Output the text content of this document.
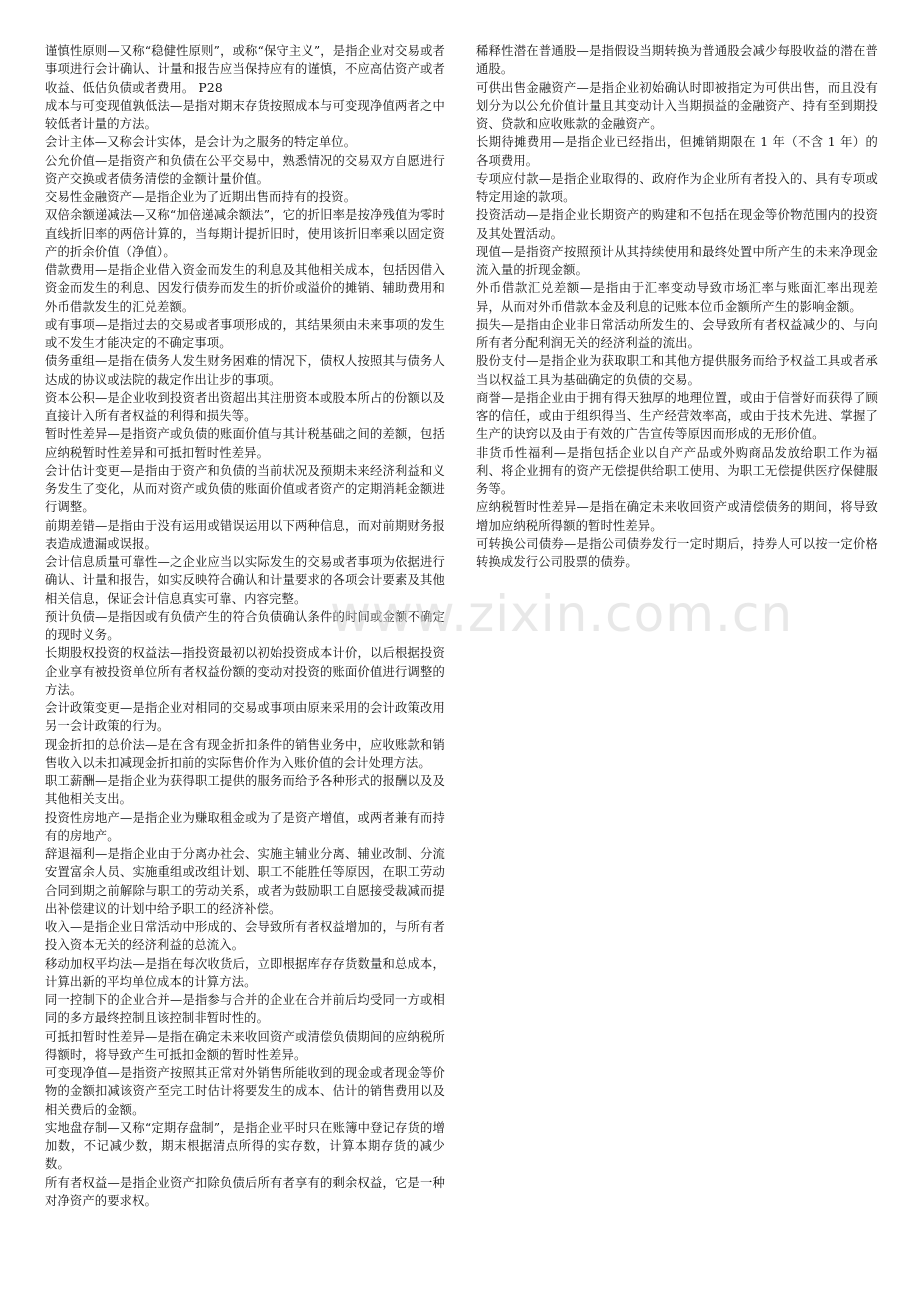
谨慎性原则—又称“稳健性原则”，或称“保守主义”，是指企业对交易或者事项进行会计确认、计量和报告应当保持应有的谨慎，不应高估资产或者收益、低估负债或者费用。 P28

成本与可变现值孰低法—是指对期末存货按照成本与可变现净值两者之中较低者计量的方法。

会计主体—又称会计实体，是会计为之服务的特定单位。

公允价值—是指资产和负债在公平交易中，熟悉情况的交易双方自愿进行资产交换或者债务清偿的金额计量价值。

交易性金融资产—是指企业为了近期出售而持有的投资。

双倍余额递减法—又称“加倍递减余额法”，它的折旧率是按净残值为零时直线折旧率的两倍计算的，当每期计提折旧时，使用该折旧率乘以固定资产的折余价值（净值）。

借款费用—是指企业借入资金而发生的利息及其他相关成本，包括因借入资金而发生的利息、因发行债券而发生的折价或溢价的摊销、辅助费用和外币借款发生的汇兑差额。

或有事项—是指过去的交易或者事项形成的，其结果须由未来事项的发生或不发生才能决定的不确定事项。

债务重组—是指在债务人发生财务困难的情况下，债权人按照其与债务人达成的协议或法院的裁定作出让步的事项。

资本公积—是企业收到投资者出资超出其注册资本或股本所占的份额以及直接计入所有者权益的利得和损失等。

暂时性差异—是指资产或负债的账面价值与其计税基础之间的差额，包括应纳税暂时性差异和可抵扣暂时性差异。

会计估计变更—是指由于资产和负债的当前状况及预期未来经济利益和义务发生了变化，从而对资产或负债的账面价值或者资产的定期消耗金额进行调整。

前期差错—是指由于没有运用或错误运用以下两种信息，而对前期财务报表造成遗漏或误报。

会计信息质量可靠性—之企业应当以实际发生的交易或者事项为依据进行确认、计量和报告，如实反映符合确认和计量要求的各项会计要素及其他相关信息，保证会计信息真实可靠、内容完整。

预计负债—是指因或有负债产生的符合负债确认条件的时间或金额不确定的现时义务。

长期股权投资的权益法—指投资最初以初始投资成本计价，以后根据投资企业享有被投资单位所有者权益份额的变动对投资的账面价值进行调整的方法。

会计政策变更—是指企业对相同的交易或事项由原来采用的会计政策改用另一会计政策的行为。

现金折扣的总价法—是在含有现金折扣条件的销售业务中，应收账款和销售收入以未扣减现金折扣前的实际售价作为入账价值的会计处理方法。

职工薪酬—是指企业为获得职工提供的服务而给予各种形式的报酬以及及其他相关支出。

投资性房地产—是指企业为赚取租金或为了是资产增值，或两者兼有而持有的房地产。

辞退福利—是指企业由于分离办社会、实施主辅业分离、辅业改制、分流安置富余人员、实施重组或改组计划、职工不能胜任等原因，在职工劳动合同到期之前解除与职工的劳动关系，或者为鼓励职工自愿接受裁减而提出补偿建议的计划中给予职工的经济补偿。

收入—是指企业日常活动中形成的、会导致所有者权益增加的，与所有者投入资本无关的经济利益的总流入。

移动加权平均法—是指在每次收货后，立即根据库存存货数量和总成本，计算出新的平均单位成本的计算方法。

同一控制下的企业合并—是指参与合并的企业在合并前后均受同一方或相同的多方最终控制且该控制非暂时性的。

可抵扣暂时性差异—是指在确定未来收回资产或清偿负债期间的应纳税所得额时，将导致产生可抵扣金额的暂时性差异。

可变现净值—是指资产按照其正常对外销售所能收到的现金或者现金等价物的金额扣减该资产至完工时估计将要发生的成本、估计的销售费用以及相关费后的金额。

实地盘存制—又称“定期存盘制”，是指企业平时只在账簿中登记存货的增加数，不记减少数，期末根据清点所得的实存数，计算本期存货的减少数。

所有者权益—是指企业资产扣除负债后所有者享有的剩余权益，它是一种对净资产的要求权。

稀释性潜在普通股—是指假设当期转换为普通股会减少每股收益的潜在普通股。

可供出售金融资产—是指企业初始确认时即被指定为可供出售，而且没有划分为以公允价值计量且其变动计入当期损益的金融资产、持有至到期投资、贷款和应收账款的金融资产。

长期待摊费用—是指企业已经指出，但摊销期限在 1 年（不含 1 年）的各项费用。

专项应付款—是指企业取得的、政府作为企业所有者投入的、具有专项或特定用途的款项。

投资活动—是指企业长期资产的购建和不包括在现金等价物范围内的投资及其处置活动。

现值—是指资产按照预计从其持续使用和最终处置中所产生的未来净现金流入量的折现金额。

外币借款汇兑差额—是指由于汇率变动导致市场汇率与账面汇率出现差异，从而对外币借款本金及利息的记账本位币金额所产生的影响金额。

损失—是指由企业非日常活动所发生的、会导致所有者权益减少的、与向所有者分配利润无关的经济利益的流出。

股份支付—是指企业为获取职工和其他方提供服务而给予权益工具或者承当以权益工具为基础确定的负债的交易。

商誉—是指企业由于拥有得天独厚的地理位置，或由于信誉好而获得了顾客的信任，或由于组织得当、生产经营效率高，或由于技术先进、掌握了生产的诀窍以及由于有效的广告宣传等原因而形成的无形价值。

非货币性福利—是指包括企业以自产产品或外购商品发放给职工作为福利、将企业拥有的资产无偿提供给职工使用、为职工无偿提供医疗保健服务等。

应纳税暂时性差异—是指在确定未来收回资产或清偿债务的期间，将导致增加应纳税所得额的暂时性差异。

可转换公司债券—是指公司债券发行一定时期后，持券人可以按一定价格转换成发行公司股票的债券。

www.zixin.com.cn
